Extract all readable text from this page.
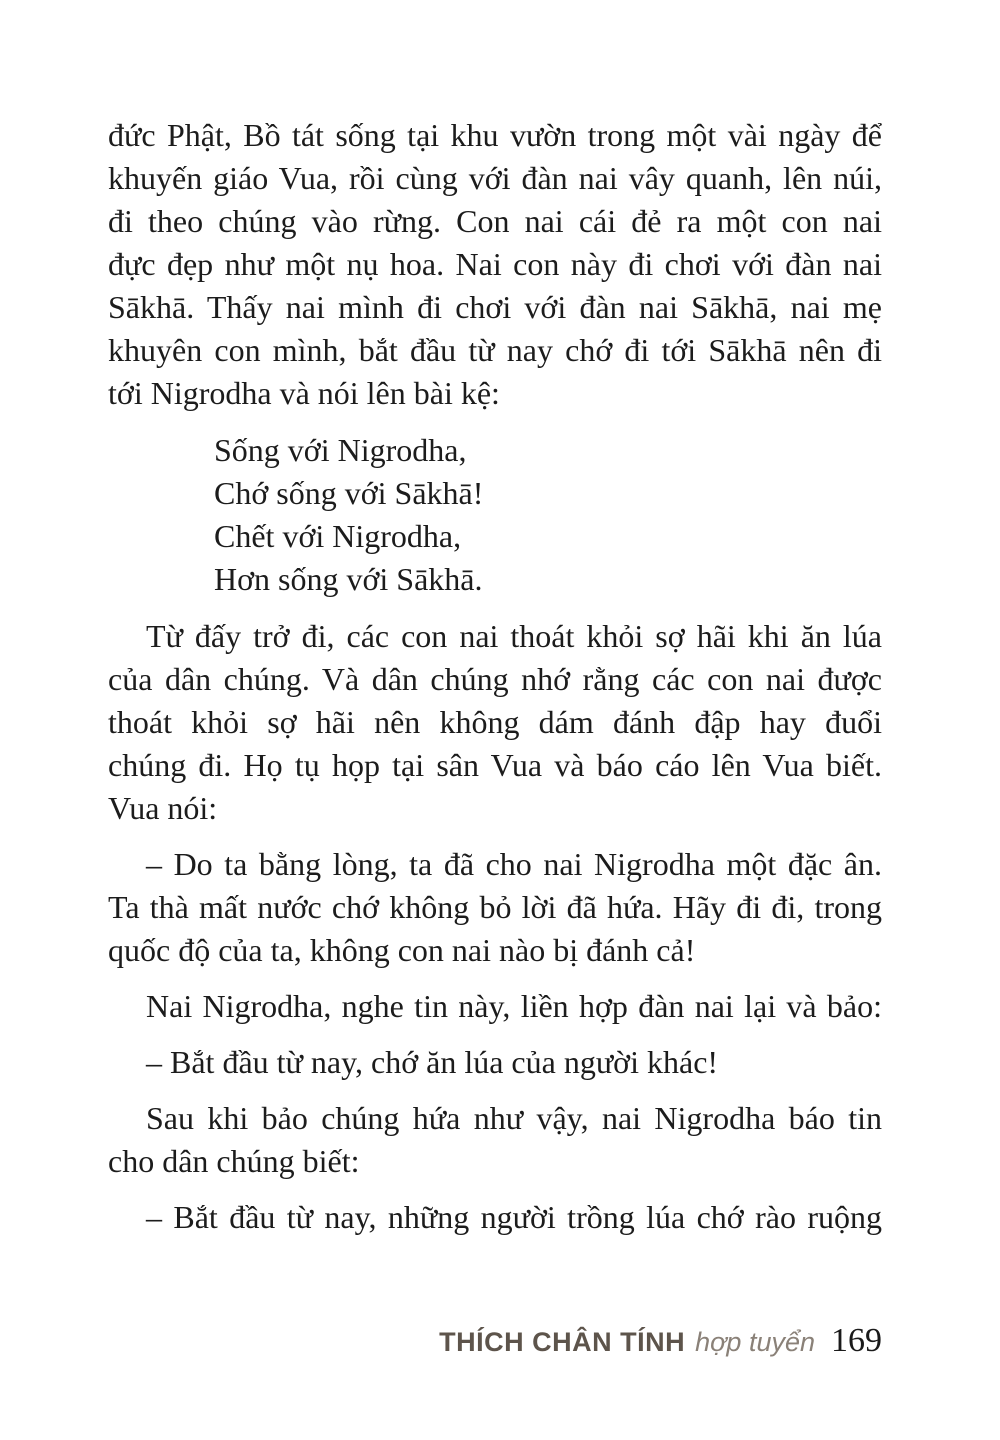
đức Phật, Bồ tát sống tại khu vườn trong một vài ngày để
khuyến giáo Vua, rồi cùng với đàn nai vây quanh, lên núi,
đi theo chúng vào rừng. Con nai cái đẻ ra một con nai
đực đẹp như một nụ hoa. Nai con này đi chơi với đàn nai
Sākhā. Thấy nai mình đi chơi với đàn nai Sākhā, nai mẹ
khuyên con mình, bắt đầu từ nay chớ đi tới Sākhā nên đi
tới Nigrodha và nói lên bài kệ:

Sống với Nigrodha,
Chớ sống với Sākhā!
Chết với Nigrodha,
Hơn sống với Sākhā.

Từ đấy trở đi, các con nai thoát khỏi sợ hãi khi ăn lúa
của dân chúng. Và dân chúng nhớ rằng các con nai được
thoát khỏi sợ hãi nên không dám đánh đập hay đuổi
chúng đi. Họ tụ họp tại sân Vua và báo cáo lên Vua biết.
Vua nói:

– Do ta bằng lòng, ta đã cho nai Nigrodha một đặc ân.
Ta thà mất nước chớ không bỏ lời đã hứa. Hãy đi đi, trong
quốc độ của ta, không con nai nào bị đánh cả!

Nai Nigrodha, nghe tin này, liền hợp đàn nai lại và bảo:

– Bắt đầu từ nay, chớ ăn lúa của người khác!

Sau khi bảo chúng hứa như vậy, nai Nigrodha báo tin
cho dân chúng biết:

– Bắt đầu từ nay, những người trồng lúa chớ rào ruộng

THÍCH CHÂN TÍNH hợp tuyển 169
